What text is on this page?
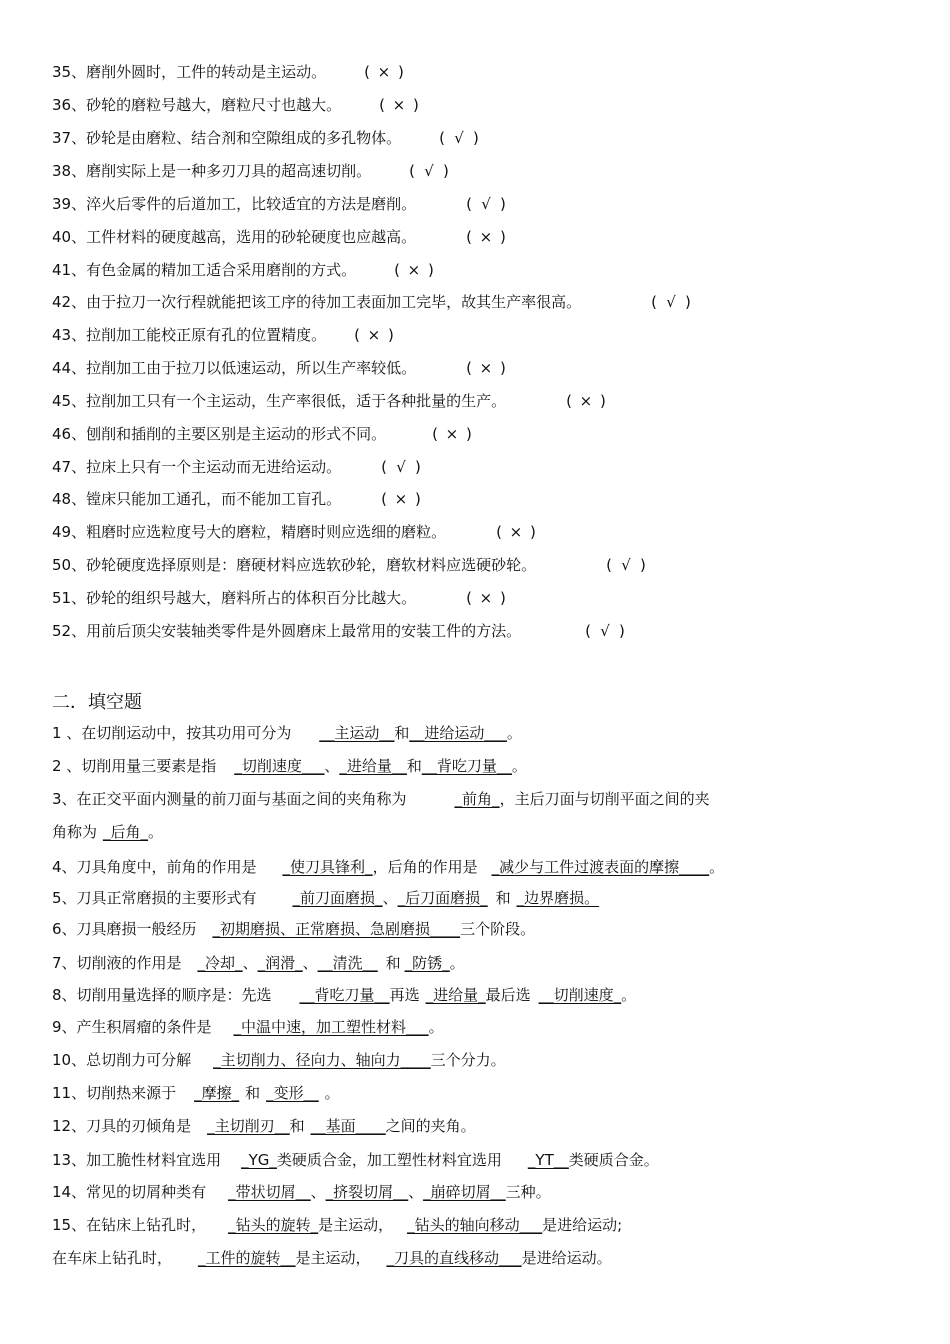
35、磨削外圆时，工件的转动是主运动。	( × )
36、砂轮的磨粒号越大，磨粒尺寸也越大。	( × )
37、砂轮是由磨粒、结合剂和空隙组成的多孔物体。	( √ )
38、磨削实际上是一种多刃刀具的超高速切削。	( √ )
39、淬火后零件的后道加工，比较适宜的方法是磨削。	( √ )
40、工件材料的硬度越高，选用的砂轮硬度也应越高。	( × )
41、有色金属的精加工适合采用磨削的方式。	( × )
42、由于拉刀一次行程就能把该工序的待加工表面加工完毕，故其生产率很高。	( √ )
43、拉削加工能校正原有孔的位置精度。 ( × )
44、拉削加工由于拉刀以低速运动，所以生产率较低。	( × )
45、拉削加工只有一个主运动，生产率很低，适于各种批量的生产。	( × )
46、刨削和插削的主要区别是主运动的形式不同。	( × )
47、拉床上只有一个主运动而无进给运动。	( √ )
48、镗床只能加工通孔，而不能加工盲孔。	( × )
49、粗磨时应选粒度号大的磨粒，精磨时则应选细的磨粒。	( × )
50、砂轮硬度选择原则是：磨硬材料应选软砂轮，磨软材料应选硬砂轮。	( √ )
51、砂轮的组织号越大，磨料所占的体积百分比越大。	( × )
52、用前后顶尖安装轴类零件是外圆磨床上最常用的安装工件的方法。	( √ )
二．填空题
1 、在切削运动中，按其功用可分为 __主运动__和__进给运动___。
2 、切削用量三要素是指 _切削速度___、_进给量__和__背吃刀量__。
3、在正交平面内测量的前刀面与基面之间的夹角称为	_前角_，主后刀面与切削平面之间的夹
角称为 _后角_。
4、刀具角度中，前角的作用是 _使刀具锋利_，后角的作用是 _减少与工件过渡表面的摩擦____。
5、刀具正常磨损的主要形式有 _前刀面磨损_、_后刀面磨损_ 和 _边界磨损。
6、刀具磨损一般经历 _初期磨损、正常磨损、急剧磨损____三个阶段。
7、切削液的作用是 _冷却_、_润滑_、__清洗__ 和 _防锈_。
8、切削用量选择的顺序是：先选 __背吃刀量__再选 _进给量_最后选 __切削速度_。
9、产生积屑瘤的条件是 _中温中速，加工塑性材料___。
10、总切削力可分解 _主切削力、径向力、轴向力____三个分力。
11、切削热来源于 _摩擦_ 和 _变形__ 。
12、刀具的刃倾角是 _主切削刃__和 __基面____之间的夹角。
13、加工脆性材料宜选用 _YG_类硬质合金，加工塑性材料宜选用 _YT__类硬质合金。
14、常见的切屑种类有 _带状切屑__、_挤裂切屑__、_崩碎切屑__三种。
15、在钻床上钻孔时， _钻头的旋转_是主运动， _钻头的轴向移动___是进给运动;
在车床上钻孔时， _工件的旋转__是主运动， _刀具的直线移动___是进给运动。
